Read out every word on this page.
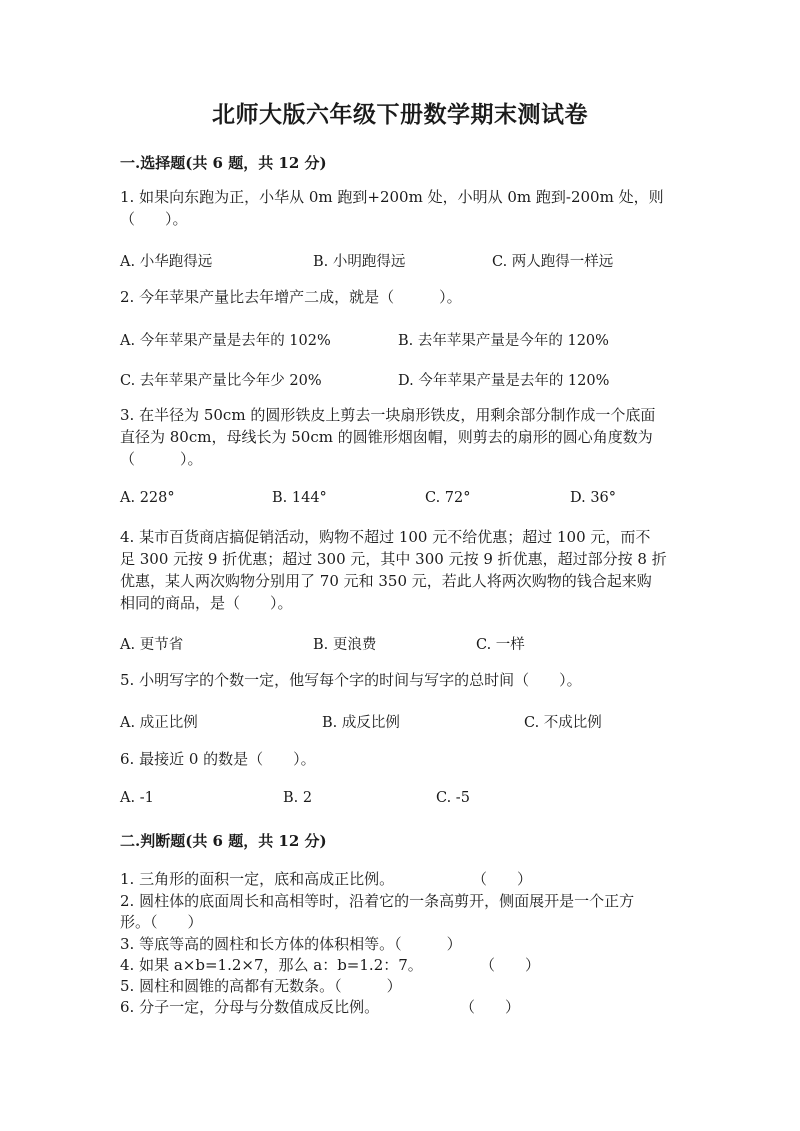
北师大版六年级下册数学期末测试卷
一.选择题(共 6 题，共 12 分)
1. 如果向东跑为正，小华从 0m 跑到+200m 处，小明从 0m 跑到-200m 处，则
（　　）。
A. 小华跑得远	B. 小明跑得远	C. 两人跑得一样远
2. 今年苹果产量比去年增产二成，就是（　　　）。
A. 今年苹果产量是去年的 102%	B. 去年苹果产量是今年的 120%
C. 去年苹果产量比今年少 20%	D. 今年苹果产量是去年的 120%
3. 在半径为 50cm 的圆形铁皮上剪去一块扇形铁皮，用剩余部分制作成一个底面
直径为 80cm，母线长为 50cm 的圆锥形烟囱帽，则剪去的扇形的圆心角度数为
（　　　）。
A. 228°	B. 144°	C. 72°	D. 36°
4. 某市百货商店搞促销活动，购物不超过 100 元不给优惠；超过 100 元，而不
足 300 元按 9 折优惠；超过 300 元，其中 300 元按 9 折优惠，超过部分按 8 折
优惠，某人两次购物分别用了 70 元和 350 元，若此人将两次购物的钱合起来购
相同的商品，是（　　）。
A. 更节省	B. 更浪费	C. 一样
5. 小明写字的个数一定，他写每个字的时间与写字的总时间（　　）。
A. 成正比例	B. 成反比例	C. 不成比例
6. 最接近 0 的数是（　　）。
A. -1	B. 2	C. -5
二.判断题(共 6 题，共 12 分)
1. 三角形的面积一定，底和高成正比例。	（　　）
2. 圆柱体的底面周长和高相等时，沿着它的一条高剪开，侧面展开是一个正方
形。（　　）
3. 等底等高的圆柱和长方体的体积相等。（　　　）
4. 如果 a×b=1.2×7，那么 a：b=1.2：7。	（　　）
5. 圆柱和圆锥的高都有无数条。（　　　）
6. 分子一定，分母与分数值成反比例。	（　　）
